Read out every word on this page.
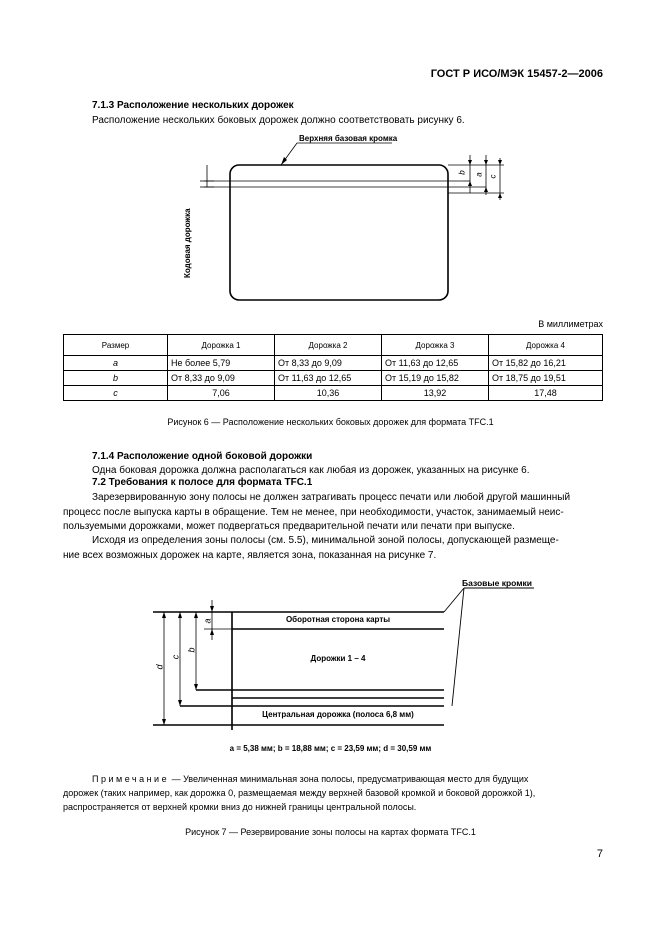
ГОСТ Р ИСО/МЭК 15457-2—2006
7.1.3 Расположение нескольких дорожек
Расположение нескольких боковых дорожек должно соответствовать рисунку 6.
Верхняя базовая кромка
Кодовая дорожка
b a c
В миллиметрах
Размер	Дорожка 1	Дорожка 2	Дорожка 3	Дорожка 4
a	Не более 5,79	От 8,33 до 9,09	От 11,63 до 12,65	От 15,82 до 16,21
b	От 8,33 до 9,09	От 11,63 до 12,65	От 15,19 до 15,82	От 18,75 до 19,51
c	7,06	10,36	13,92	17,48
Рисунок 6 — Расположение нескольких боковых дорожек для формата TFC.1
7.1.4 Расположение одной боковой дорожки
Одна боковая дорожка должна располагаться как любая из дорожек, указанных на рисунке 6.
7.2 Требования к полосе для формата TFC.1
Зарезервированную зону полосы не должен затрагивать процесс печати или любой другой машинный
процесс после выпуска карты в обращение. Тем не менее, при необходимости, участок, занимаемый неис-
пользуемыми дорожками, может подвергаться предварительной печати или печати при выпуске.
Исходя из определения зоны полосы (см. 5.5), минимальной зоной полосы, допускающей размеще-
ние всех возможных дорожек на карте, является зона, показанная на рисунке 7.
Базовые кромки
Оборотная сторона карты
Дорожки 1 – 4
Центральная дорожка (полоса 6,8 мм)
d
c
b
a
a = 5,38 мм; b = 18,88 мм; c = 23,59 мм; d = 30,59 мм
Примечание — Увеличенная минимальная зона полосы, предусматривающая место для будущих
дорожек (таких например, как дорожка 0, размещаемая между верхней базовой кромкой и боковой дорожкой 1),
распространяется от верхней кромки вниз до нижней границы центральной полосы.
Рисунок 7 — Резервирование зоны полосы на картах формата TFC.1
7
